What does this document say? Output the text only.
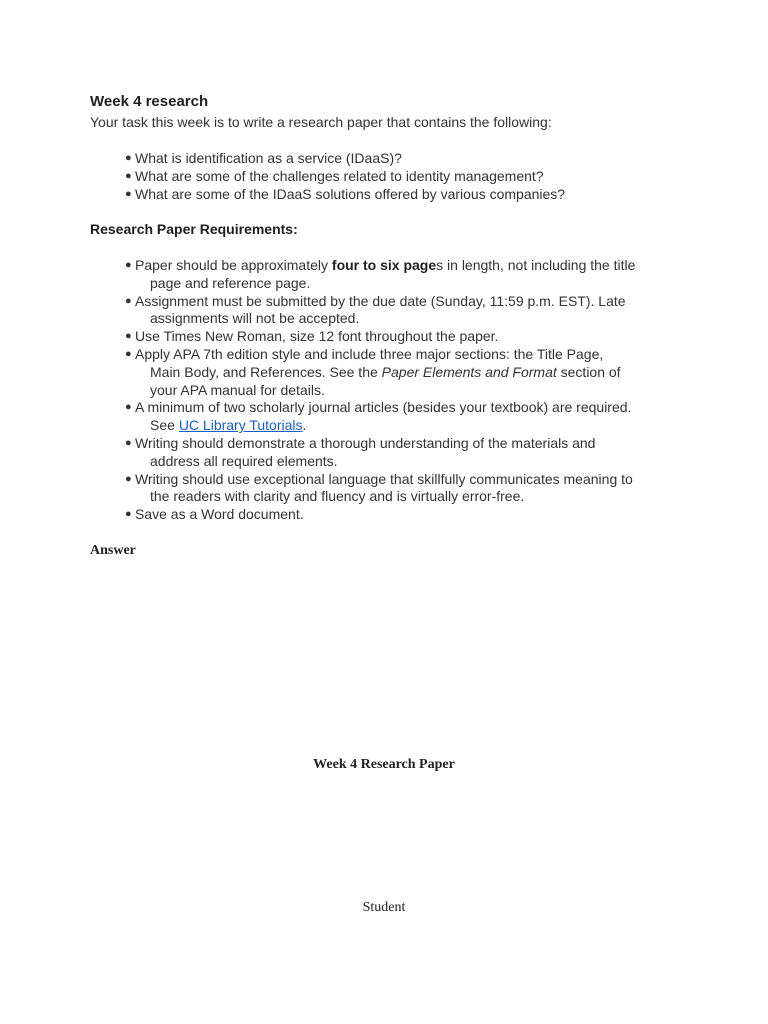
Week 4 research

Your task this week is to write a research paper that contains the following:

● What is identification as a service (IDaaS)?
● What are some of the challenges related to identity management?
● What are some of the IDaaS solutions offered by various companies?
Research Paper Requirements:
● Paper should be approximately four to six pages in length, not including the title
page and reference page.
● Assignment must be submitted by the due date (Sunday, 11:59 p.m. EST). Late
assignments will not be accepted.
● Use Times New Roman, size 12 font throughout the paper.
● Apply APA 7th edition style and include three major sections: the Title Page,
Main Body, and References. See the Paper Elements and Format section of
your APA manual for details.
● A minimum of two scholarly journal articles (besides your textbook) are required.
See UC Library Tutorials.
● Writing should demonstrate a thorough understanding of the materials and
address all required elements.
● Writing should use exceptional language that skillfully communicates meaning to
the readers with clarity and fluency and is virtually error-free.
● Save as a Word document.

Answer

Week 4 Research Paper

Student
